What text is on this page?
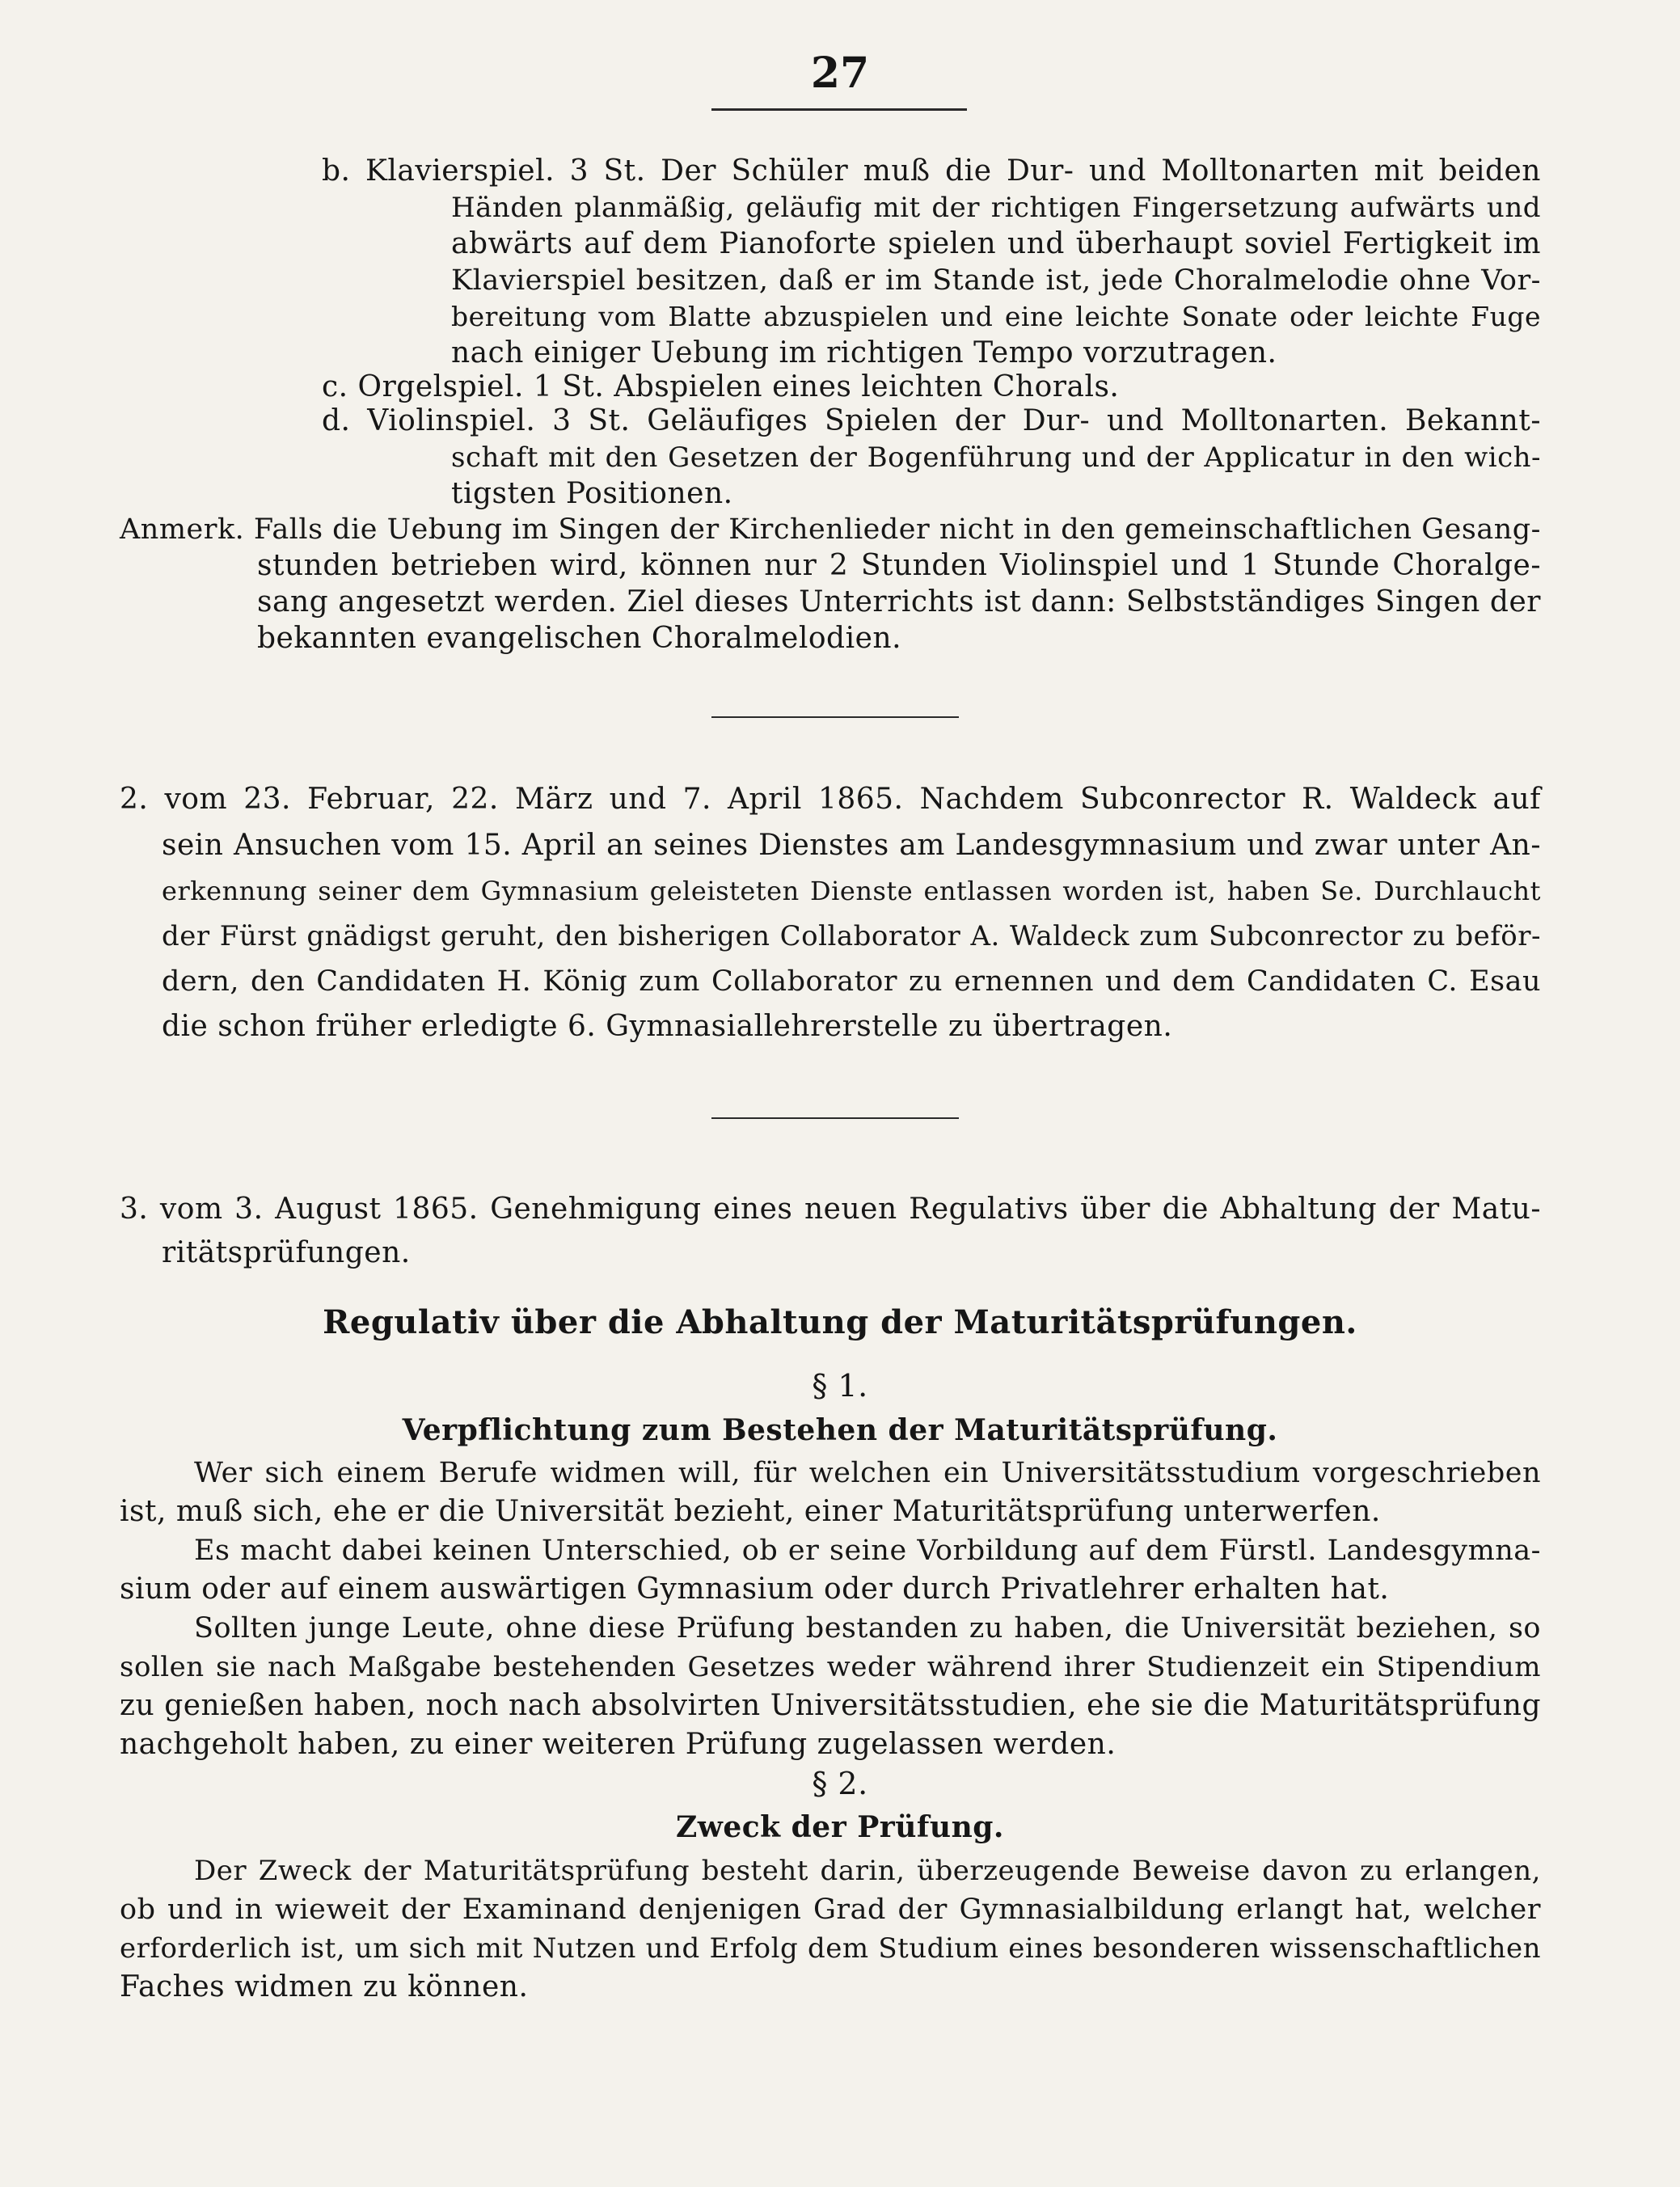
27
b. Klavierspiel. 3 St. Der Schüler muß die Dur- und Molltonarten mit beiden
Händen planmäßig, geläufig mit der richtigen Fingersetzung aufwärts und
abwärts auf dem Pianoforte spielen und überhaupt soviel Fertigkeit im
Klavierspiel besitzen, daß er im Stande ist, jede Choralmelodie ohne Vor-
bereitung vom Blatte abzuspielen und eine leichte Sonate oder leichte Fuge
nach einiger Uebung im richtigen Tempo vorzutragen.
c. Orgelspiel. 1 St. Abspielen eines leichten Chorals.
d. Violinspiel. 3 St. Geläufiges Spielen der Dur- und Molltonarten. Bekannt-
schaft mit den Gesetzen der Bogenführung und der Applicatur in den wich-
tigsten Positionen.
Anmerk. Falls die Uebung im Singen der Kirchenlieder nicht in den gemeinschaftlichen Gesang-
stunden betrieben wird, können nur 2 Stunden Violinspiel und 1 Stunde Choralge-
sang angesetzt werden. Ziel dieses Unterrichts ist dann: Selbstständiges Singen der
bekannten evangelischen Choralmelodien.
2. vom 23. Februar, 22. März und 7. April 1865. Nachdem Subconrector R. Waldeck auf
sein Ansuchen vom 15. April an seines Dienstes am Landesgymnasium und zwar unter An-
erkennung seiner dem Gymnasium geleisteten Dienste entlassen worden ist, haben Se. Durchlaucht
der Fürst gnädigst geruht, den bisherigen Collaborator A. Waldeck zum Subconrector zu beför-
dern, den Candidaten H. König zum Collaborator zu ernennen und dem Candidaten C. Esau
die schon früher erledigte 6. Gymnasiallehrerstelle zu übertragen.
3. vom 3. August 1865. Genehmigung eines neuen Regulativs über die Abhaltung der Matu-
ritätsprüfungen.
Regulativ über die Abhaltung der Maturitätsprüfungen.
§ 1.
Verpflichtung zum Bestehen der Maturitätsprüfung.
Wer sich einem Berufe widmen will, für welchen ein Universitätsstudium vorgeschrieben
ist, muß sich, ehe er die Universität bezieht, einer Maturitätsprüfung unterwerfen.
Es macht dabei keinen Unterschied, ob er seine Vorbildung auf dem Fürstl. Landesgymna-
sium oder auf einem auswärtigen Gymnasium oder durch Privatlehrer erhalten hat.
Sollten junge Leute, ohne diese Prüfung bestanden zu haben, die Universität beziehen, so
sollen sie nach Maßgabe bestehenden Gesetzes weder während ihrer Studienzeit ein Stipendium
zu genießen haben, noch nach absolvirten Universitätsstudien, ehe sie die Maturitätsprüfung
nachgeholt haben, zu einer weiteren Prüfung zugelassen werden.
§ 2.
Zweck der Prüfung.
Der Zweck der Maturitätsprüfung besteht darin, überzeugende Beweise davon zu erlangen,
ob und in wieweit der Examinand denjenigen Grad der Gymnasialbildung erlangt hat, welcher
erforderlich ist, um sich mit Nutzen und Erfolg dem Studium eines besonderen wissenschaftlichen
Faches widmen zu können.
